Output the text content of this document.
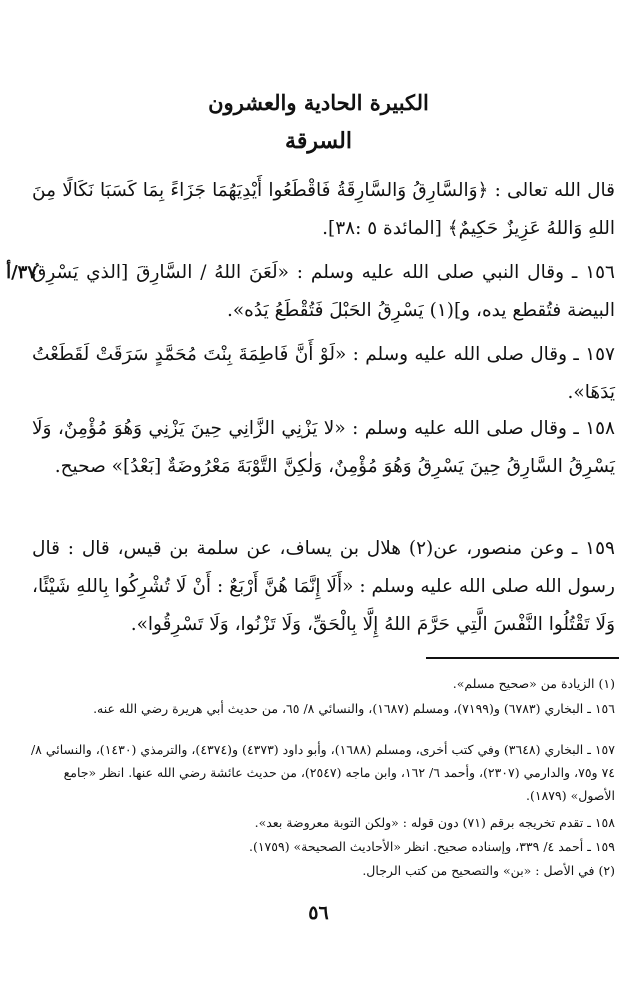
الكبيرة الحادية والعشرون
السرقة
٣٧/أ

قال الله تعالى : ﴿وَالسَّارِقُ وَالسَّارِقَةُ فَاقْطَعُوا أَيْدِيَهُمَا جَزَاءً بِمَا كَسَبَا نَكَالًا مِنَ اللهِ وَاللهُ عَزِيزٌ حَكِيمٌ﴾ [المائدة ٥ :٣٨].

١٥٦ ـ وقال النبي صلى الله عليه وسلم : «لَعَنَ اللهُ / السَّارِقَ [الذي يَسْرِقُ البيضة فتُقطع يده، و](١) يَسْرِقُ الحَبْلَ فَتُقْطَعُ يَدُه».

١٥٧ ـ وقال صلى الله عليه وسلم : «لَوْ أَنَّ فَاطِمَةَ بِنْتَ مُحَمَّدٍ سَرَقَتْ لَقَطَعْتُ يَدَهَا».

١٥٨ ـ وقال صلى الله عليه وسلم : «لا يَزْنِي الزَّانِي حِينَ يَزْنِي وَهُوَ مُؤْمِنٌ، وَلَا يَسْرِقُ السَّارِقُ حِينَ يَسْرِقُ وَهُوَ مُؤْمِنٌ، وَلٰكِنَّ التَّوْبَةَ مَعْرُوضَةٌ [بَعْدُ]» صحيح.

١٥٩ ـ وعن منصور، عن(٢) هلال بن يساف، عن سلمة بن قيس، قال : قال رسول الله صلى الله عليه وسلم : «أَلَا إِنَّمَا هُنَّ أَرْبَعٌ : أَنْ لَا تُشْرِكُوا بِاللهِ شَيْئًا، وَلَا تَقْتُلُوا النَّفْسَ الَّتِي حَرَّمَ اللهُ إِلَّا بِالْحَقِّ، وَلَا تَزْنُوا، وَلَا تَسْرِقُوا».

(١) الزيادة من «صحيح مسلم».

١٥٦ ـ البخاري (٦٧٨٣) و(٧١٩٩)، ومسلم (١٦٨٧)، والنسائي ٨/ ٦٥، من حديث أبي هريرة رضي الله عنه.

١٥٧ ـ البخاري (٣٦٤٨) وفي كتب أخرى، ومسلم (١٦٨٨)، وأبو داود (٤٣٧٣) و(٤٣٧٤)، والترمذي (١٤٣٠)، والنسائي ٨/ ٧٤ و٧٥، والدارمي (٢٣٠٧)، وأحمد ٦/ ١٦٢، وابن ماجه (٢٥٤٧)، من حديث عائشة رضي الله عنها. انظر «جامع الأصول» (١٨٧٩).

١٥٨ ـ تقدم تخريجه برقم (٧١) دون قوله : «ولكن التوبة معروضة بعد».

١٥٩ ـ أحمد ٤/ ٣٣٩، وإسناده صحيح. انظر «الأحاديث الصحيحة» (١٧٥٩).

(٢) في الأصل : «بن» والتصحيح من كتب الرجال.

٥٦
